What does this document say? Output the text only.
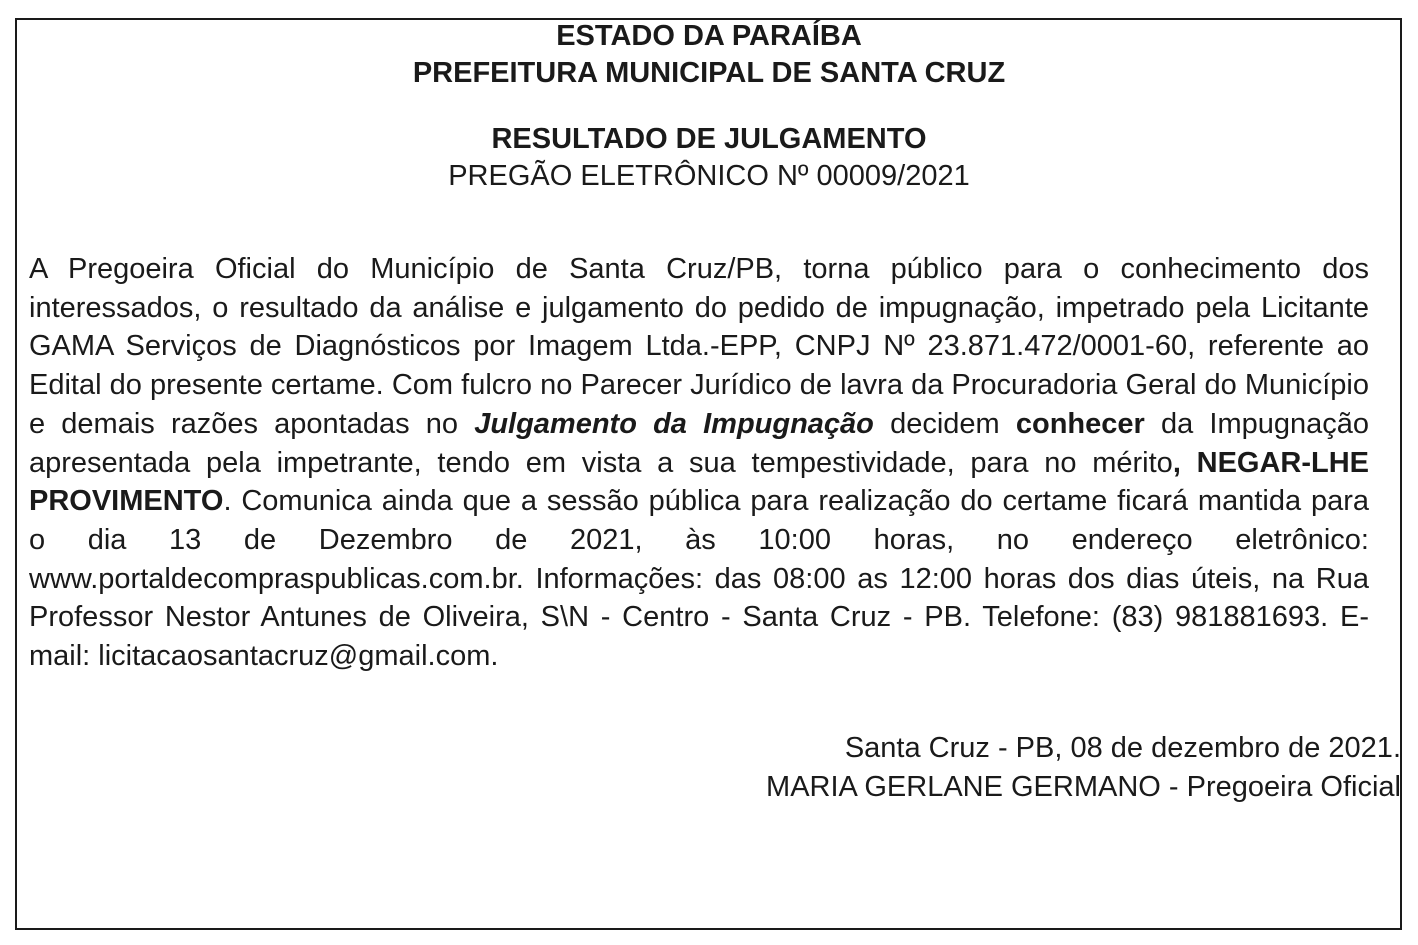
ESTADO DA PARAÍBA
PREFEITURA MUNICIPAL DE SANTA CRUZ
RESULTADO DE JULGAMENTO
PREGÃO ELETRÔNICO Nº 00009/2021
A Pregoeira Oficial do Município de Santa Cruz/PB, torna público para o conhecimento dos interessados, o resultado da análise e julgamento do pedido de impugnação, impetrado pela Licitante GAMA Serviços de Diagnósticos por Imagem Ltda.-EPP, CNPJ Nº 23.871.472/0001-60, referente ao Edital do presente certame. Com fulcro no Parecer Jurídico de lavra da Procuradoria Geral do Município e demais razões apontadas no Julgamento da Impugnação decidem conhecer da Impugnação apresentada pela impetrante, tendo em vista a sua tempestividade, para no mérito, NEGAR-LHE PROVIMENTO. Comunica ainda que a sessão pública para realização do certame ficará mantida para o dia 13 de Dezembro de 2021, às 10:00 horas, no endereço eletrônico: www.portaldecompraspublicas.com.br. Informações: das 08:00 as 12:00 horas dos dias úteis, na Rua Professor Nestor Antunes de Oliveira, S\N - Centro - Santa Cruz - PB. Telefone: (83) 981881693. E-mail: licitacaosantacruz@gmail.com.
Santa Cruz - PB, 08 de dezembro de 2021.
MARIA GERLANE GERMANO - Pregoeira Oficial
